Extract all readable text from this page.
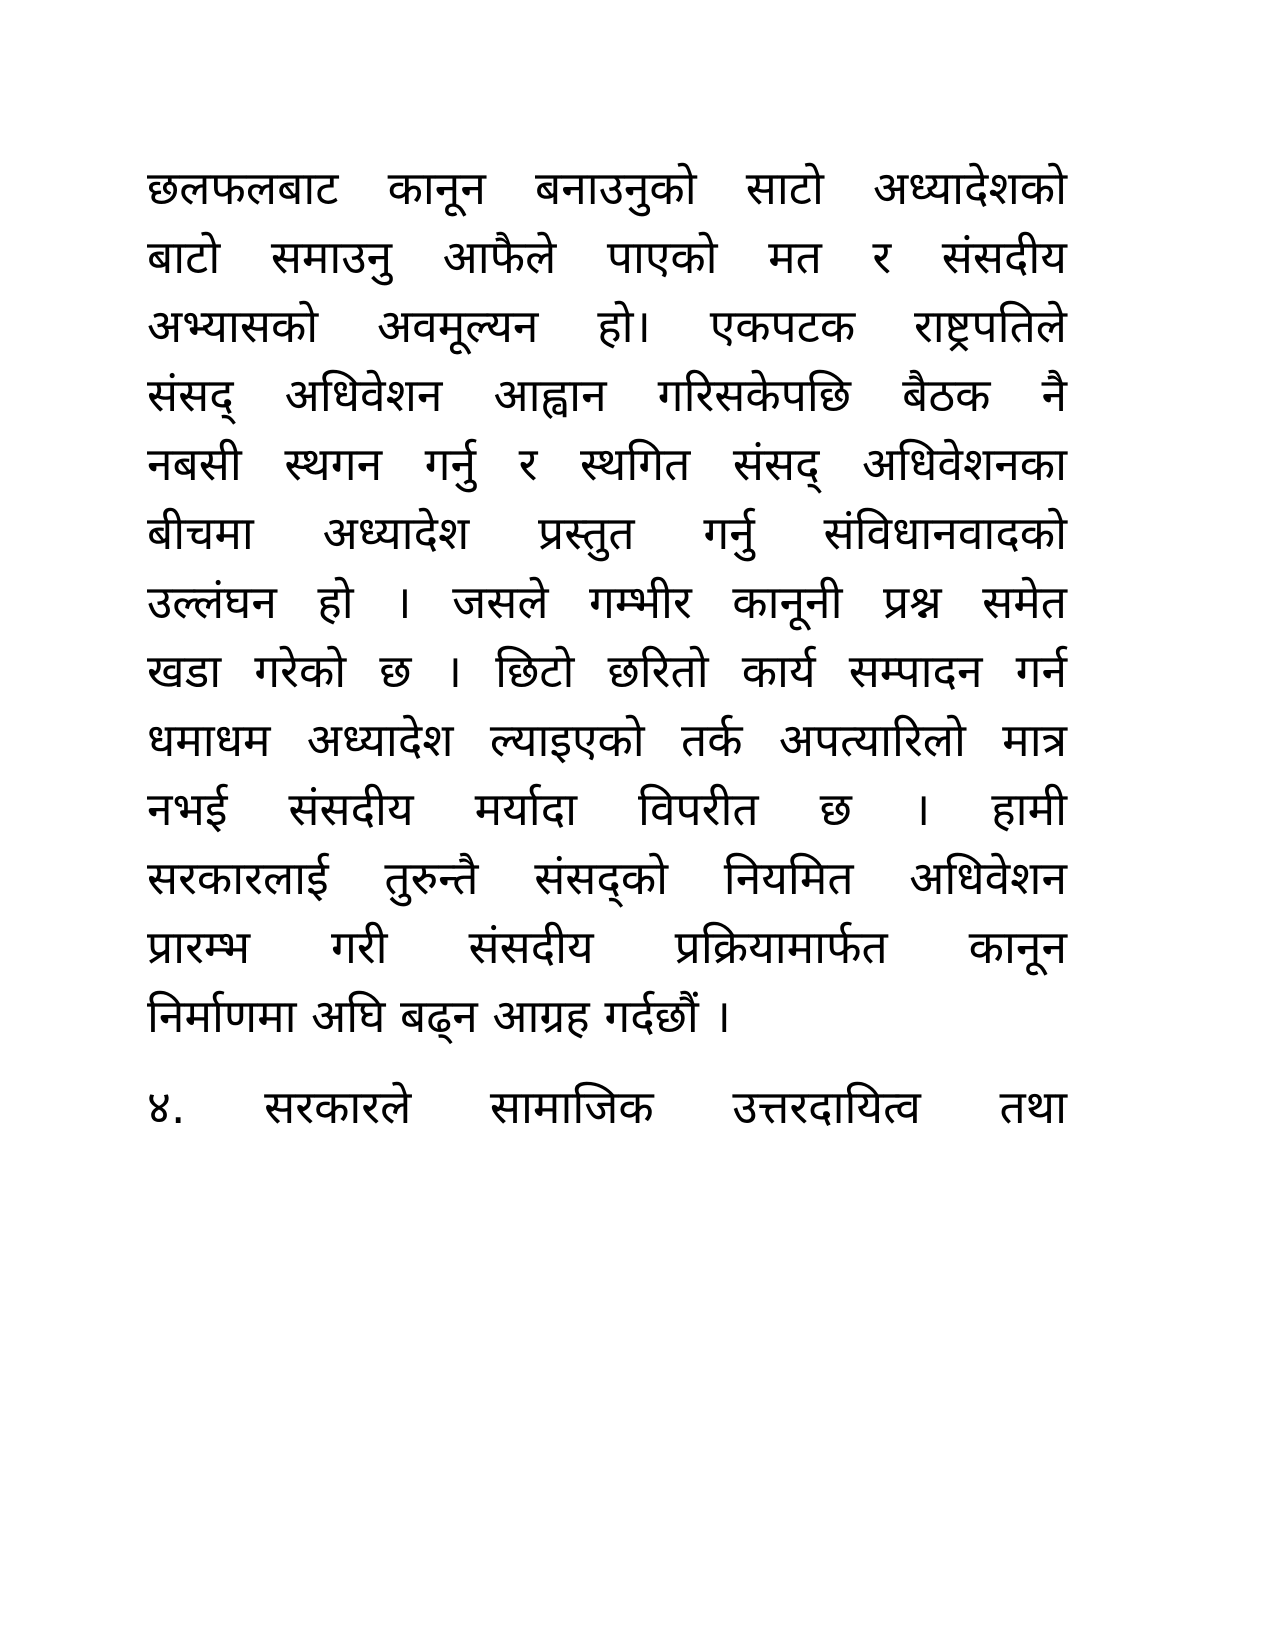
छलफलबाट कानून बनाउनुको साटो अध्यादेशको
बाटो समाउनु आफैले पाएको मत र संसदीय
अभ्यासको अवमूल्यन हो। एकपटक राष्ट्रपतिले
संसद् अधिवेशन आह्वान गरिसकेपछि बैठक नै
नबसी स्थगन गर्नु र स्थगित संसद् अधिवेशनका
बीचमा अध्यादेश प्रस्तुत गर्नु संविधानवादको
उल्लंघन हो । जसले गम्भीर कानूनी प्रश्न समेत
खडा गरेको छ । छिटो छरितो कार्य सम्पादन गर्न
धमाधम अध्यादेश ल्याइएको तर्क अपत्यारिलो मात्र
नभई संसदीय मर्यादा विपरीत छ । हामी
सरकारलाई तुरुन्तै संसद्को नियमित अधिवेशन
प्रारम्भ गरी संसदीय प्रक्रियामार्फत कानून
निर्माणमा अघि बढ्न आग्रह गर्दछौं ।
४. सरकारले सामाजिक उत्तरदायित्व तथा
